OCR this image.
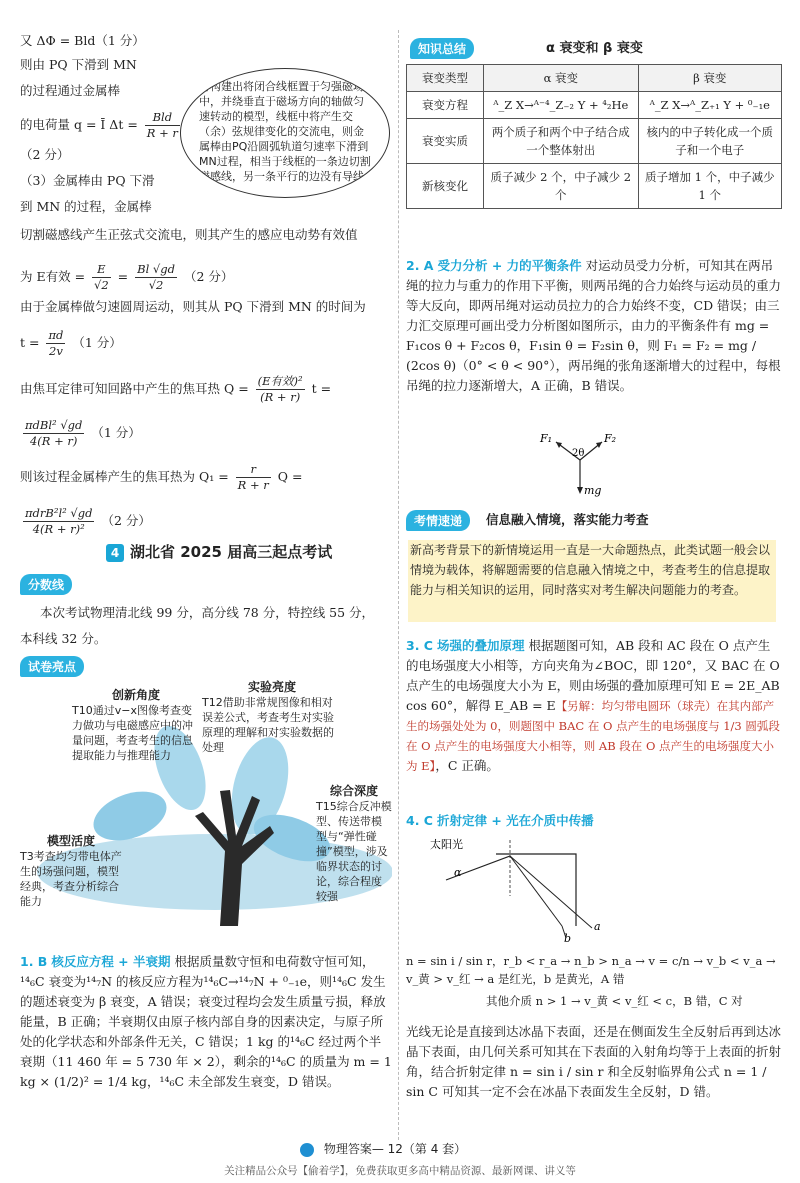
又 ΔΦ = Bld（1 分）
则由 PQ 下滑到 MN
的过程通过金属棒
的电荷量 q = Ī $\Delta t = \frac{\text{Bld}}{R + r}$
（2 分）
（3）金属棒由 PQ 下滑
到 MN 的过程，金属棒
切割磁感线产生正弦式交流电，则其产生的感应电动势有效值
为 E有效 = $\frac{E}{√2} = \frac{Bl √gd}{√2} (2$ 分）
由于金属棒做匀速圆周运动，则其从 PQ 下滑到 MN 的时间为
$t = \frac{\pi d}{2v} (1$ 分）
由焦耳定律可知回路中产生的焦耳热 $Q = \frac{\text{(E有效)²}}{(R + r)}$ t =
$\frac{\text{πdBl² √gd}}{4(R + r)} (1$ 分）
则该过程金属棒产生的焦耳热为 $Q_1 = \frac{r}{R + r}$ Q =
$\frac{\text{πdrB²l² √gd}}{\text{4(R + r)²}} (2$ 分）
可构建出将闭合线框置于匀强磁场中，并绕垂直于磁场方向的轴做匀速转动的模型，线框中将产生交（余）弦规律变化的交流电，则金属棒由PQ沿圆弧轨道匀速率下滑到MN过程，相当于线框的一条边切割磁感线，另一条平行的边没有导线
4 湖北省 2025 届高三起点考试
分数线
本次考试物理清北线 99 分，高分线 78 分，特控线 55 分，
本科线 32 分。
试卷亮点
创新角度
T10通过v−x图像考查变力做功与电磁感应中的冲量问题，考查考生的信息提取能力与推理能力
实验亮度
T12借助非常规图像和相对误差公式，考查考生对实验原理的理解和对实验数据的处理
综合深度
T15综合反冲模型、传送带模型与“弹性碰撞”模型，涉及临界状态的讨论，综合程度较强
模型活度
T3考查均匀带电体产生的场强问题，模型经典，考查分析综合能力
1. B 核反应方程 + 半衰期 根据质量数守恒和电荷数守恒可知，¹⁴₆C 衰变为¹⁴₇N 的核反应方程为¹⁴₆C→¹⁴₇N + ⁰₋₁e，则¹⁴₆C 发生的题述衰变为 β 衰变，A 错误；衰变过程均会发生质量亏损，释放能量，B 正确；半衰期仅由原子核内部自身的因素决定，与原子所处的化学状态和外部条件无关，C 错误；1 kg 的¹⁴₆C 经过两个半衰期（11 460 年 = 5 730 年 × 2），剩余的¹⁴₆C 的质量为 m = 1 kg × (1/2)² = 1/4 kg，¹⁴₆C 未全部发生衰变，D 错误。
知识总结	α 衰变和 β 衰变
衰变类型	α 衰变	β 衰变
衰变方程	ᴬ_Z X→ᴬ⁻⁴_Z₋₂ Y + ⁴₂He	ᴬ_Z X→ᴬ_Z₊₁ Y + ⁰₋₁e
衰变实质	两个质子和两个中子结合成一个整体射出	核内的中子转化成一个质子和一个电子
新核变化	质子减少 2 个，中子减少 2 个	质子增加 1 个，中子减少 1 个
2. A 受力分析 + 力的平衡条件 对运动员受力分析，可知其在两吊绳的拉力与重力的作用下平衡，则两吊绳的合力始终与运动员的重力等大反向，即两吊绳对运动员拉力的合力始终不变，CD 错误；由三力汇交原理可画出受力分析图如图所示，由力的平衡条件有 mg = F₁cos θ + F₂cos θ，F₁sin θ = F₂sin θ，则 F₁ = F₂ = mg / (2cos θ)（0° < θ < 90°），两吊绳的张角逐渐增大的过程中，每根吊绳的拉力逐渐增大，A 正确，B 错误。
F₁	F₂
2θ
mg
考情速递	信息融入情境，落实能力考查
新高考背景下的新情境运用一直是一大命题热点，此类试题一般会以情境为载体，将解题需要的信息融入情境之中，考查考生的信息提取能力与相关知识的运用，同时落实对考生解决问题能力的考查。
3. C 场强的叠加原理 根据题图可知，AB 段和 AC 段在 O 点产生的电场强度大小相等，方向夹角为∠BOC，即 120°，又 BAC 在 O 点产生的电场强度大小为 E，则由场强的叠加原理可知 E = 2E_AB cos 60°，解得 E_AB = E【另解：均匀带电圆环（球壳）在其内部产生的场强处处为 0，则题图中 BAC 在 O 点产生的电场强度与 1/3 圆弧段在 O 点产生的电场强度大小相等，则 AB 段在 O 点产生的电场强度大小为 E】，C 正确。
4. C 折射定律 + 光在介质中传播
太阳光
α
a
b
n = sin i / sin r，r_b < r_a → n_b > n_a → v = c/n → v_b < v_a → v_黄 > v_红 → a 是红光，b 是黄光，A 错
其他介质 n > 1 → v_黄 < v_红 < c，B 错，C 对
光线无论是直接到达冰晶下表面，还是在侧面发生全反射后再到达冰晶下表面，由几何关系可知其在下表面的入射角均等于上表面的折射角，结合折射定律 n = sin i / sin r 和全反射临界角公式 n = 1 / sin C 可知其一定不会在冰晶下表面发生全反射，D 错。
物理答案— 12（第 4 套）
关注精品公众号【偷着学】，免费获取更多高中精品资源、最新网课、讲义等
